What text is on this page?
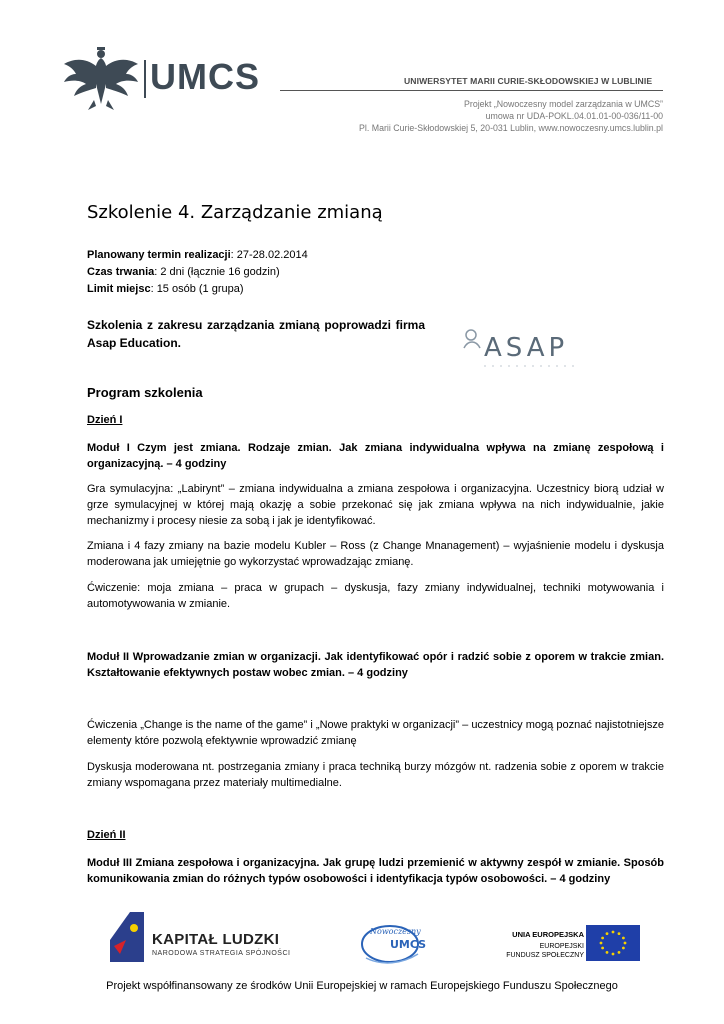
UMCS	UNIWERSYTET MARII CURIE-SKŁODOWSKIEJ W LUBLINIE
Projekt „Nowoczesny model zarządzania w UMCS”
umowa nr UDA-POKL.04.01.01-00-036/11-00
Pl. Marii Curie-Skłodowskiej 5, 20-031 Lublin, www.nowoczesny.umcs.lublin.pl
Szkolenie 4. Zarządzanie zmianą
Planowany termin realizacji: 27-28.02.2014
Czas trwania: 2 dni (łącznie 16 godzin)
Limit miejsc: 15 osób (1 grupa)
Szkolenia z zakresu zarządzania zmianą poprowadzi firma Asap Education.	ASAP
Program szkolenia
Dzień I
Moduł I Czym jest zmiana. Rodzaje zmian. Jak zmiana indywidualna wpływa na zmianę zespołową i organizacyjną. – 4 godziny
Gra symulacyjna: „Labirynt” – zmiana indywidualna a zmiana zespołowa i organizacyjna. Uczestnicy biorą udział w grze symulacyjnej w której mają okazję a sobie przekonać się jak zmiana wpływa na nich indywidualnie, jakie mechanizmy i procesy niesie za sobą i jak je identyfikować.
Zmiana i 4 fazy zmiany na bazie modelu Kubler – Ross (z Change Mnanagement) – wyjaśnienie modelu i dyskusja moderowana jak umiejętnie go wykorzystać wprowadzając zmianę.
Ćwiczenie: moja zmiana – praca w grupach – dyskusja, fazy zmiany indywidualnej, techniki motywowania i automotywowania w zmianie.
Moduł II Wprowadzanie zmian w organizacji. Jak identyfikować opór i radzić sobie z oporem w trakcie zmian. Kształtowanie efektywnych postaw wobec zmian. – 4 godziny
Ćwiczenia „Change is the name of the game” i „Nowe praktyki w organizacji” – uczestnicy mogą poznać najistotniejsze elementy które pozwolą efektywnie wprowadzić zmianę
Dyskusja moderowana nt. postrzegania zmiany i praca techniką burzy mózgów nt. radzenia sobie z oporem w trakcie zmiany wspomagana przez materiały multimedialne.
Dzień II
Moduł III Zmiana zespołowa i organizacyjna. Jak grupę ludzi przemienić w aktywny zespół w zmianie. Sposób komunikowania zmian do różnych typów osobowości i identyfikacja typów osobowości. – 4 godziny
KAPITAŁ LUDZKI
NARODOWA STRATEGIA SPÓJNOŚCI
Nowoczesny
UMCS
UNIA EUROPEJSKA
EUROPEJSKI
FUNDUSZ SPOŁECZNY
Projekt współfinansowany ze środków Unii Europejskiej w ramach Europejskiego Funduszu Społecznego
